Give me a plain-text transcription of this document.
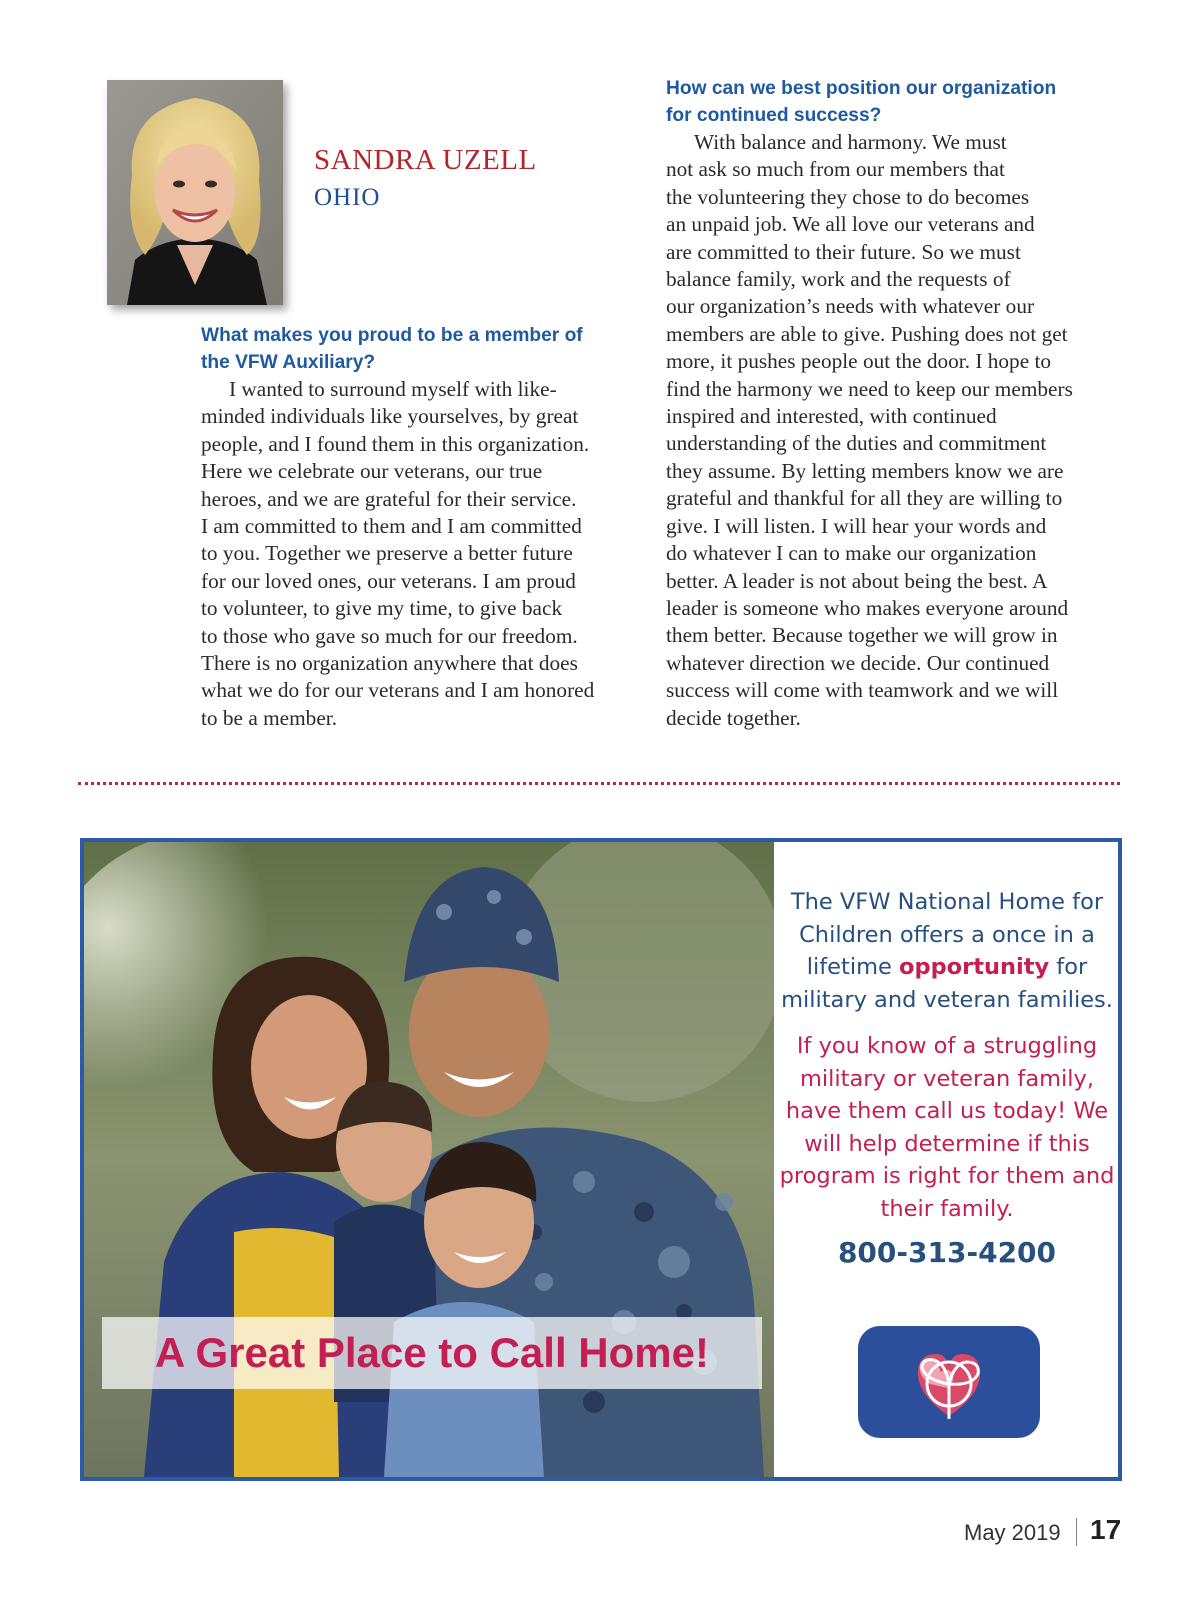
SANDRA UZELL
OHIO

What makes you proud to be a member of
the VFW Auxiliary?

I wanted to surround myself with like-
minded individuals like yourselves, by great
people, and I found them in this organization.
Here we celebrate our veterans, our true
heroes, and we are grateful for their service.
I am committed to them and I am committed
to you. Together we preserve a better future
for our loved ones, our veterans. I am proud
to volunteer, to give my time, to give back
to those who gave so much for our freedom.
There is no organization anywhere that does
what we do for our veterans and I am honored
to be a member.

How can we best position our organization
for continued success?

With balance and harmony. We must
not ask so much from our members that
the volunteering they chose to do becomes
an unpaid job. We all love our veterans and
are committed to their future. So we must
balance family, work and the requests of
our organization’s needs with whatever our
members are able to give. Pushing does not get
more, it pushes people out the door. I hope to
find the harmony we need to keep our members
inspired and interested, with continued
understanding of the duties and commitment
they assume. By letting members know we are
grateful and thankful for all they are willing to
give. I will listen. I will hear your words and
do whatever I can to make our organization
better. A leader is not about being the best. A
leader is someone who makes everyone around
them better. Because together we will grow in
whatever direction we decide. Our continued
success will come with teamwork and we will
decide together.

A Great Place to Call Home!

The VFW National Home for Children offers a once in a lifetime opportunity for military and veteran families.

If you know of a struggling military or veteran family, have them call us today! We will help determine if this program is right for them and their family.

800-313-4200

May 2019 17
